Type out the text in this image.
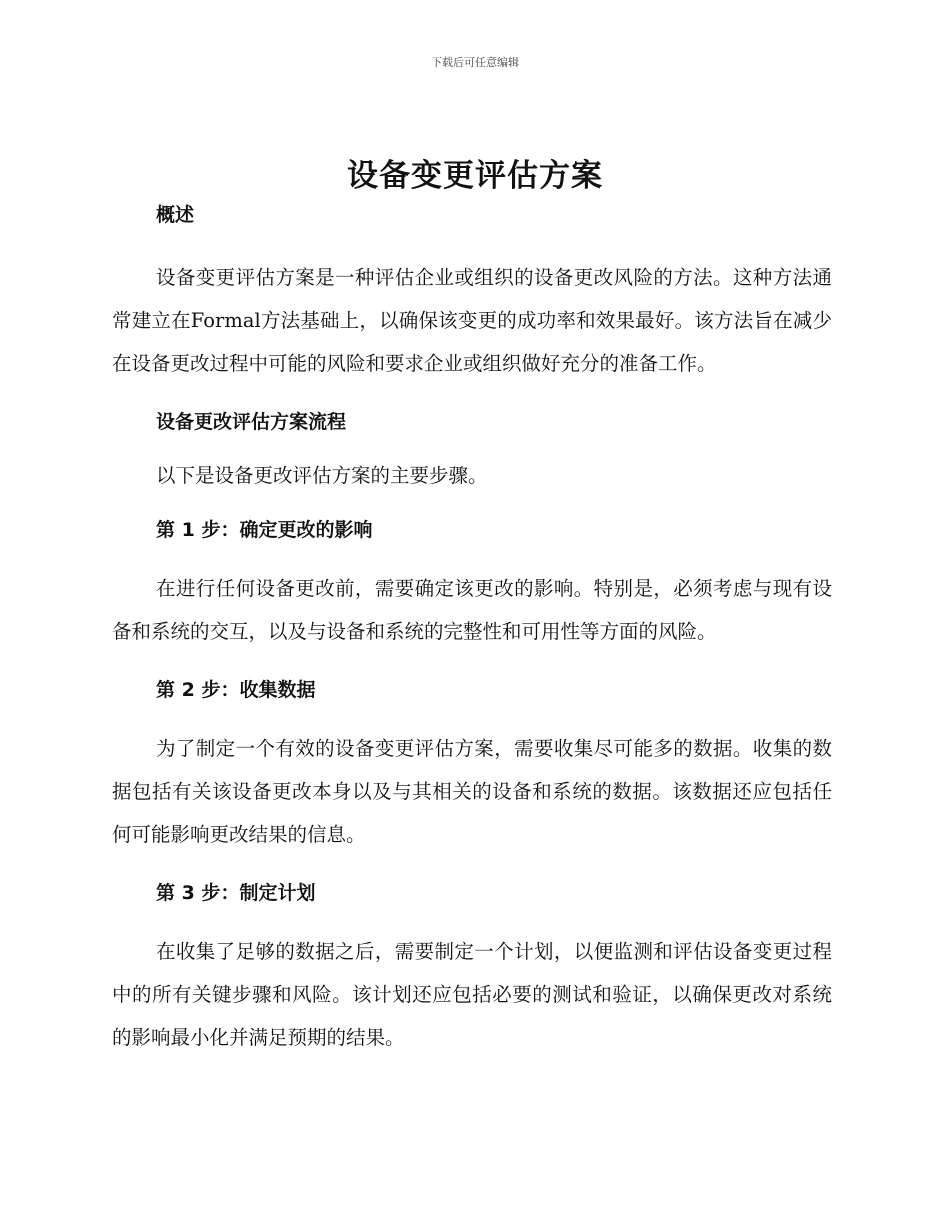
下载后可任意编辑
设备变更评估方案
概述

设备变更评估方案是一种评估企业或组织的设备更改风险的方法。这种方法通常建立在Formal方法基础上，以确保该变更的成功率和效果最好。该方法旨在减少在设备更改过程中可能的风险和要求企业或组织做好充分的准备工作。

设备更改评估方案流程

以下是设备更改评估方案的主要步骤。

第 1 步：确定更改的影响

在进行任何设备更改前，需要确定该更改的影响。特别是，必须考虑与现有设备和系统的交互，以及与设备和系统的完整性和可用性等方面的风险。

第 2 步：收集数据

为了制定一个有效的设备变更评估方案，需要收集尽可能多的数据。收集的数据包括有关该设备更改本身以及与其相关的设备和系统的数据。该数据还应包括任何可能影响更改结果的信息。

第 3 步：制定计划

在收集了足够的数据之后，需要制定一个计划，以便监测和评估设备变更过程中的所有关键步骤和风险。该计划还应包括必要的测试和验证，以确保更改对系统的影响最小化并满足预期的结果。
